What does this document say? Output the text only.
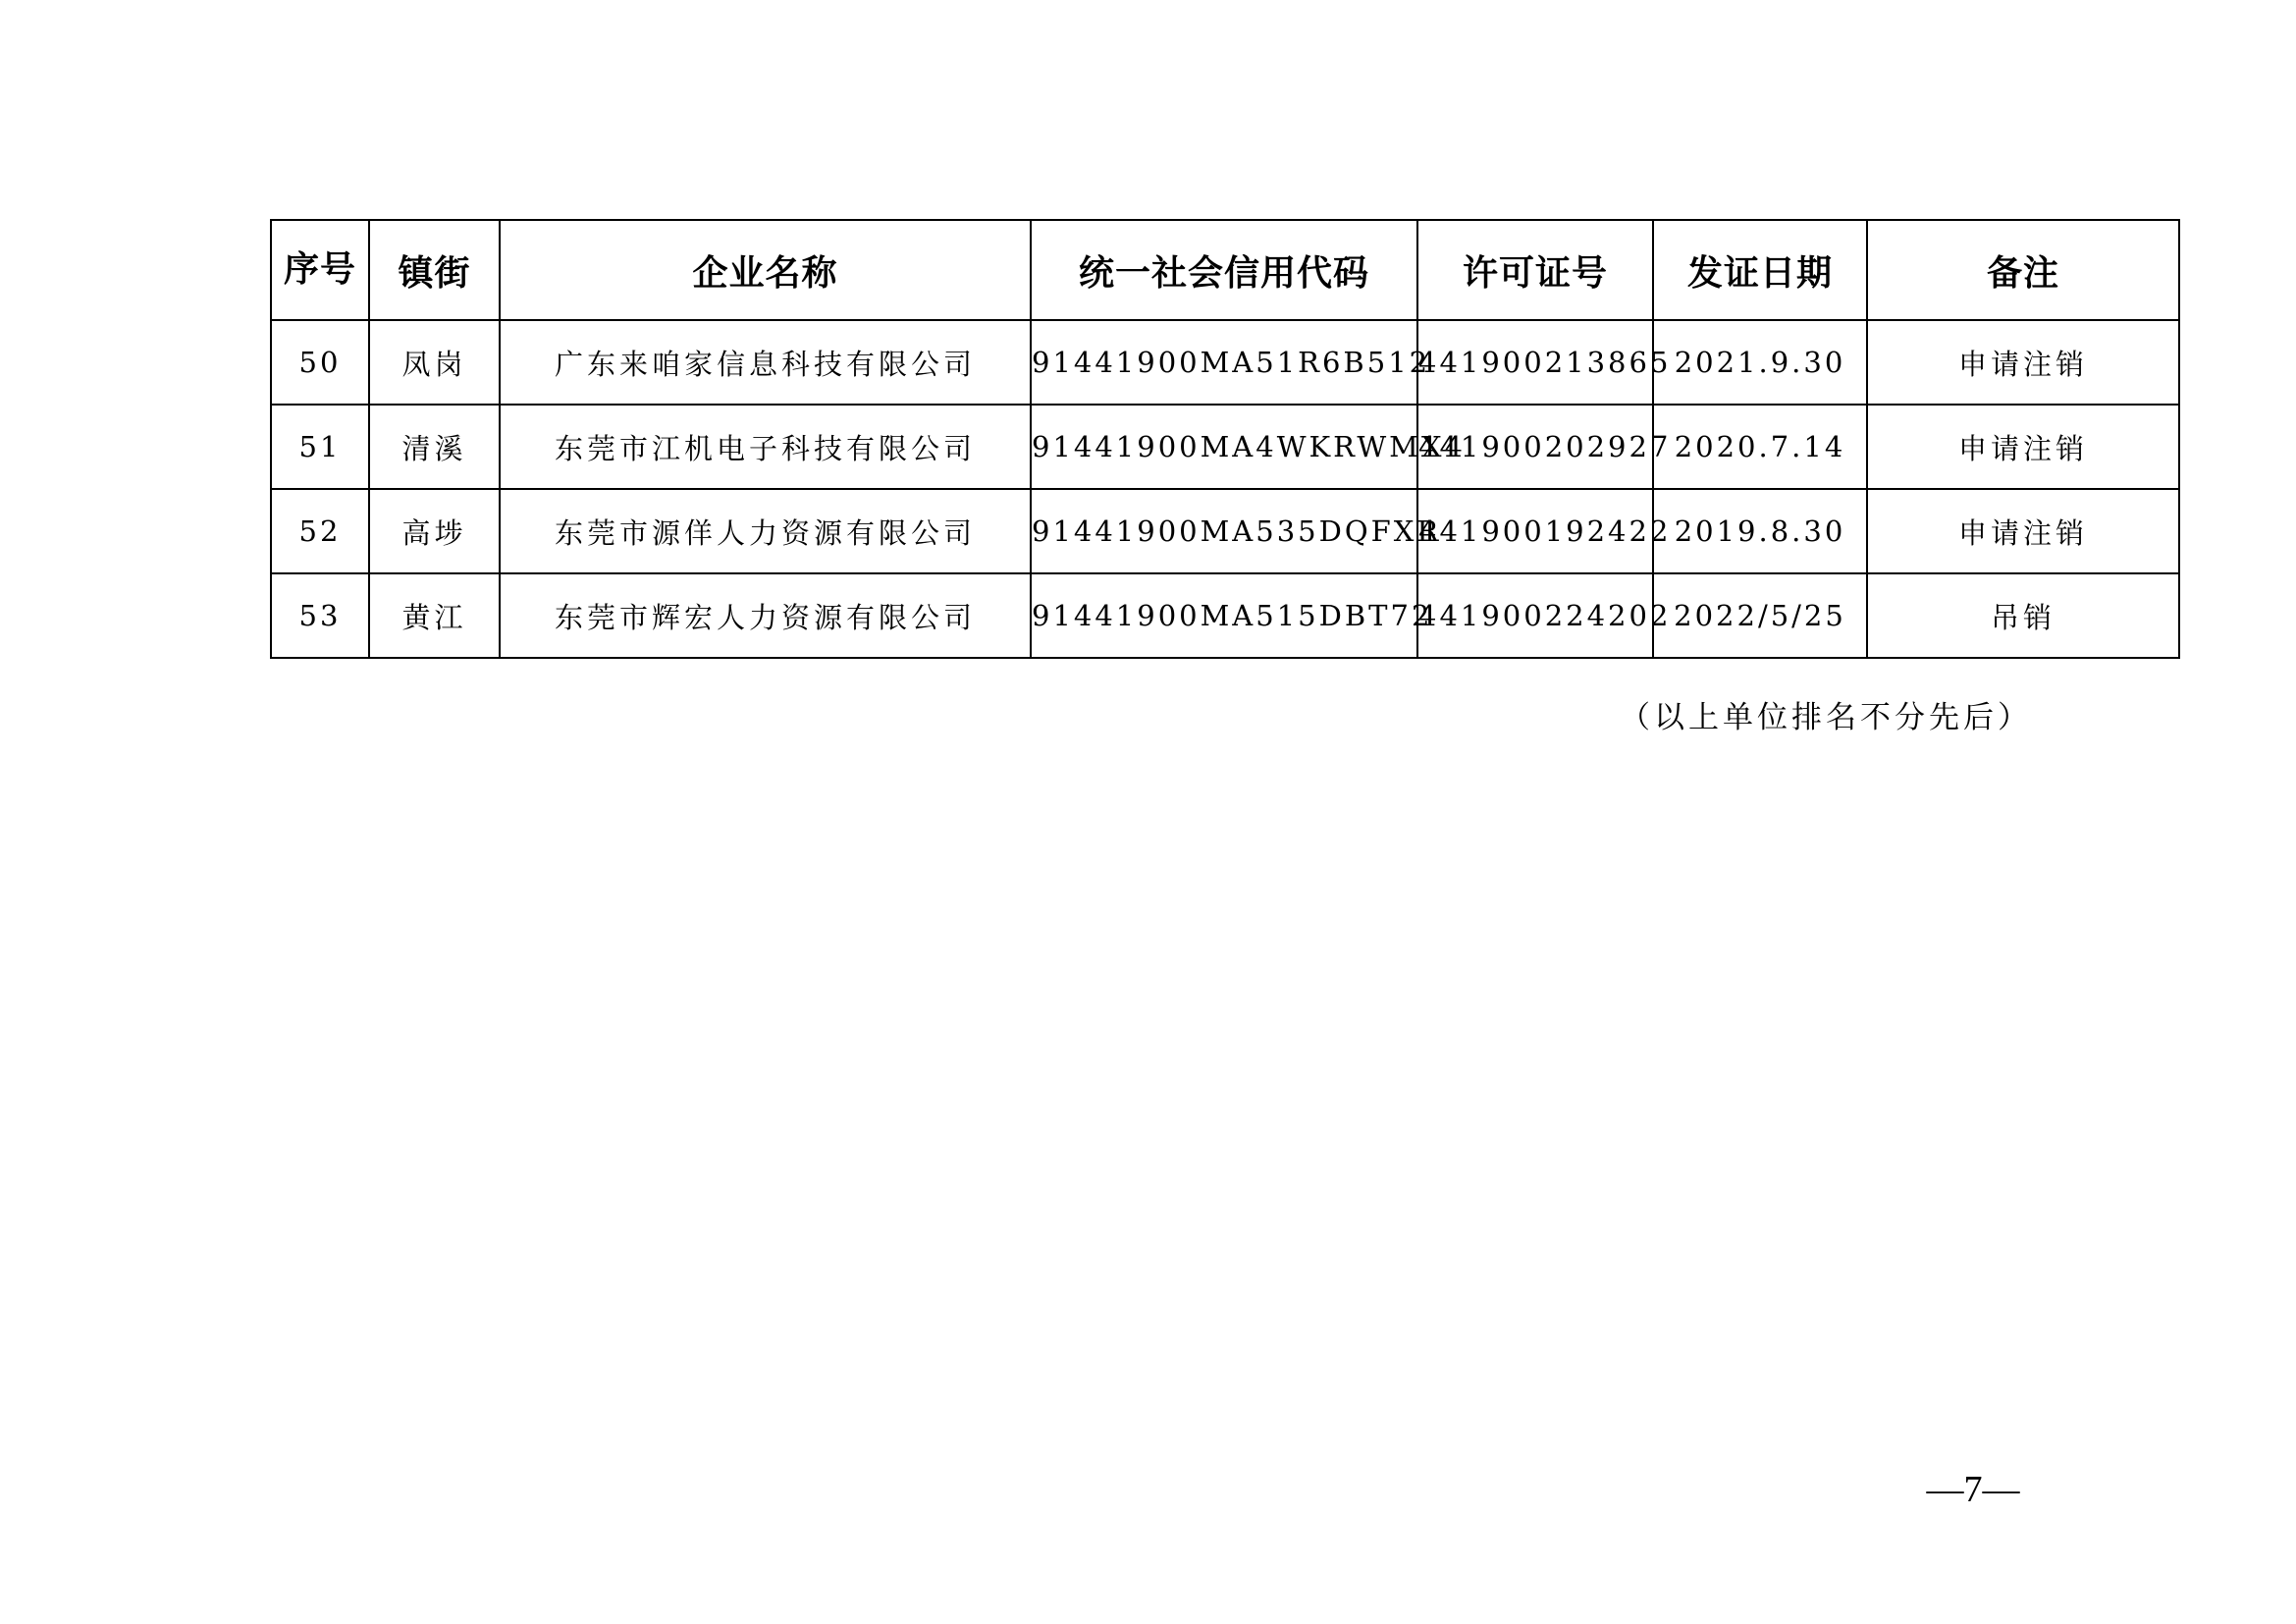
序号	镇街	企业名称	统一社会信用代码	许可证号	发证日期	备注
50	凤岗	广东来咱家信息科技有限公司	91441900MA51R6B512	441900213865	2021.9.30	申请注销
51	清溪	东莞市江机电子科技有限公司	91441900MA4WKRWMX4	441900202927	2020.7.14	申请注销
52	高埗	东莞市源佯人力资源有限公司	91441900MA535DQFXR	441900192422	2019.8.30	申请注销
53	黄江	东莞市辉宏人力资源有限公司	91441900MA515DBT72	441900224202	2022/5/25	吊销
（以上单位排名不分先后）
—7—
